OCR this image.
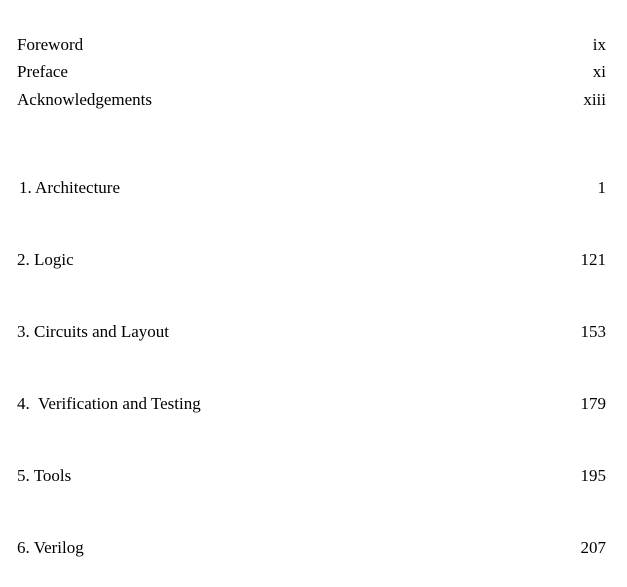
Foreword	ix
Preface	xi
Acknowledgements	xiii
1. Architecture	1
2. Logic	121
3. Circuits and Layout	153
4.  Verification and Testing	179
5. Tools	195
6. Verilog	207
